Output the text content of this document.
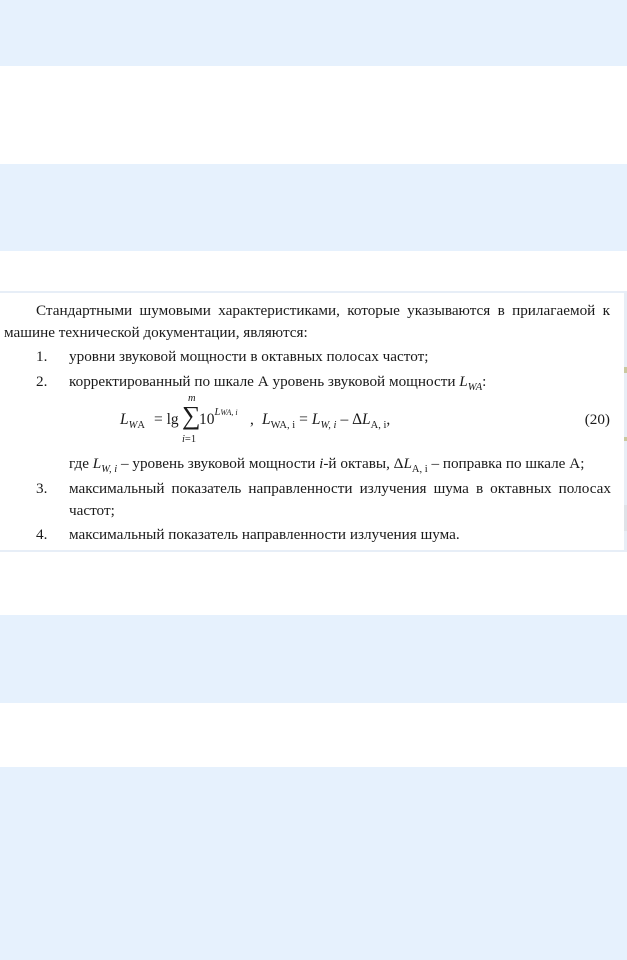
Стандартными шумовыми характеристиками, которые указываются в прилагаемой к машине технической документации, являются:
1.	уровни звуковой мощности в октавных полосах частот;
2.	корректированный по шкале А уровень звуковой мощности $L_{WA}$:
$L_{WA} = \lg$
m
∑
i=1
$10^{LWA, i}$ , $L_{WA, i} = L_{W, i} - \Delta L_{A, i}$,	(20)
где $L_{W, i}$ – уровень звуковой мощности i-й октавы, $\Delta L_{A, i}$ – поправка по шкале А;
3.	максимальный показатель направленности излучения шума в октавных полосах частот;
4.	максимальный показатель направленности излучения шума.
